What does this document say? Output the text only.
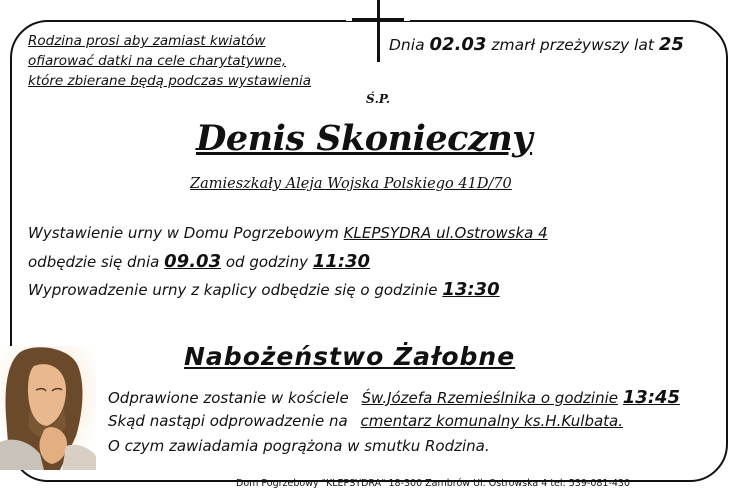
Rodzina prosi aby zamiast kwiatów
ofiarować datki na cele charytatywne,
które zbierane będą podczas wystawienia
Dnia 02.03 zmarł przeżywszy lat 25
Ś.P.
Denis Skonieczny
Zamieszkały Aleja Wojska Polskiego 41D/70
Wystawienie urny w Domu Pogrzebowym KLEPSYDRA ul.Ostrowska 4
odbędzie się dnia 09.03 od godziny 11:30
Wyprowadzenie urny z kaplicy odbędzie się o godzinie 13:30
Nabożeństwo Żałobne
Odprawione zostanie w kościele Św.Józefa Rzemieślnika o godzinie 13:45
Skąd nastąpi odprowadzenie na cmentarz komunalny ks.H.Kulbata.
O czym zawiadamia pogrążona w smutku Rodzina.
Dom Pogrzebowy "KLEPSYDRA" 18-300 Zambrów Ul. Ostrowska 4 tel: 539-081-430
